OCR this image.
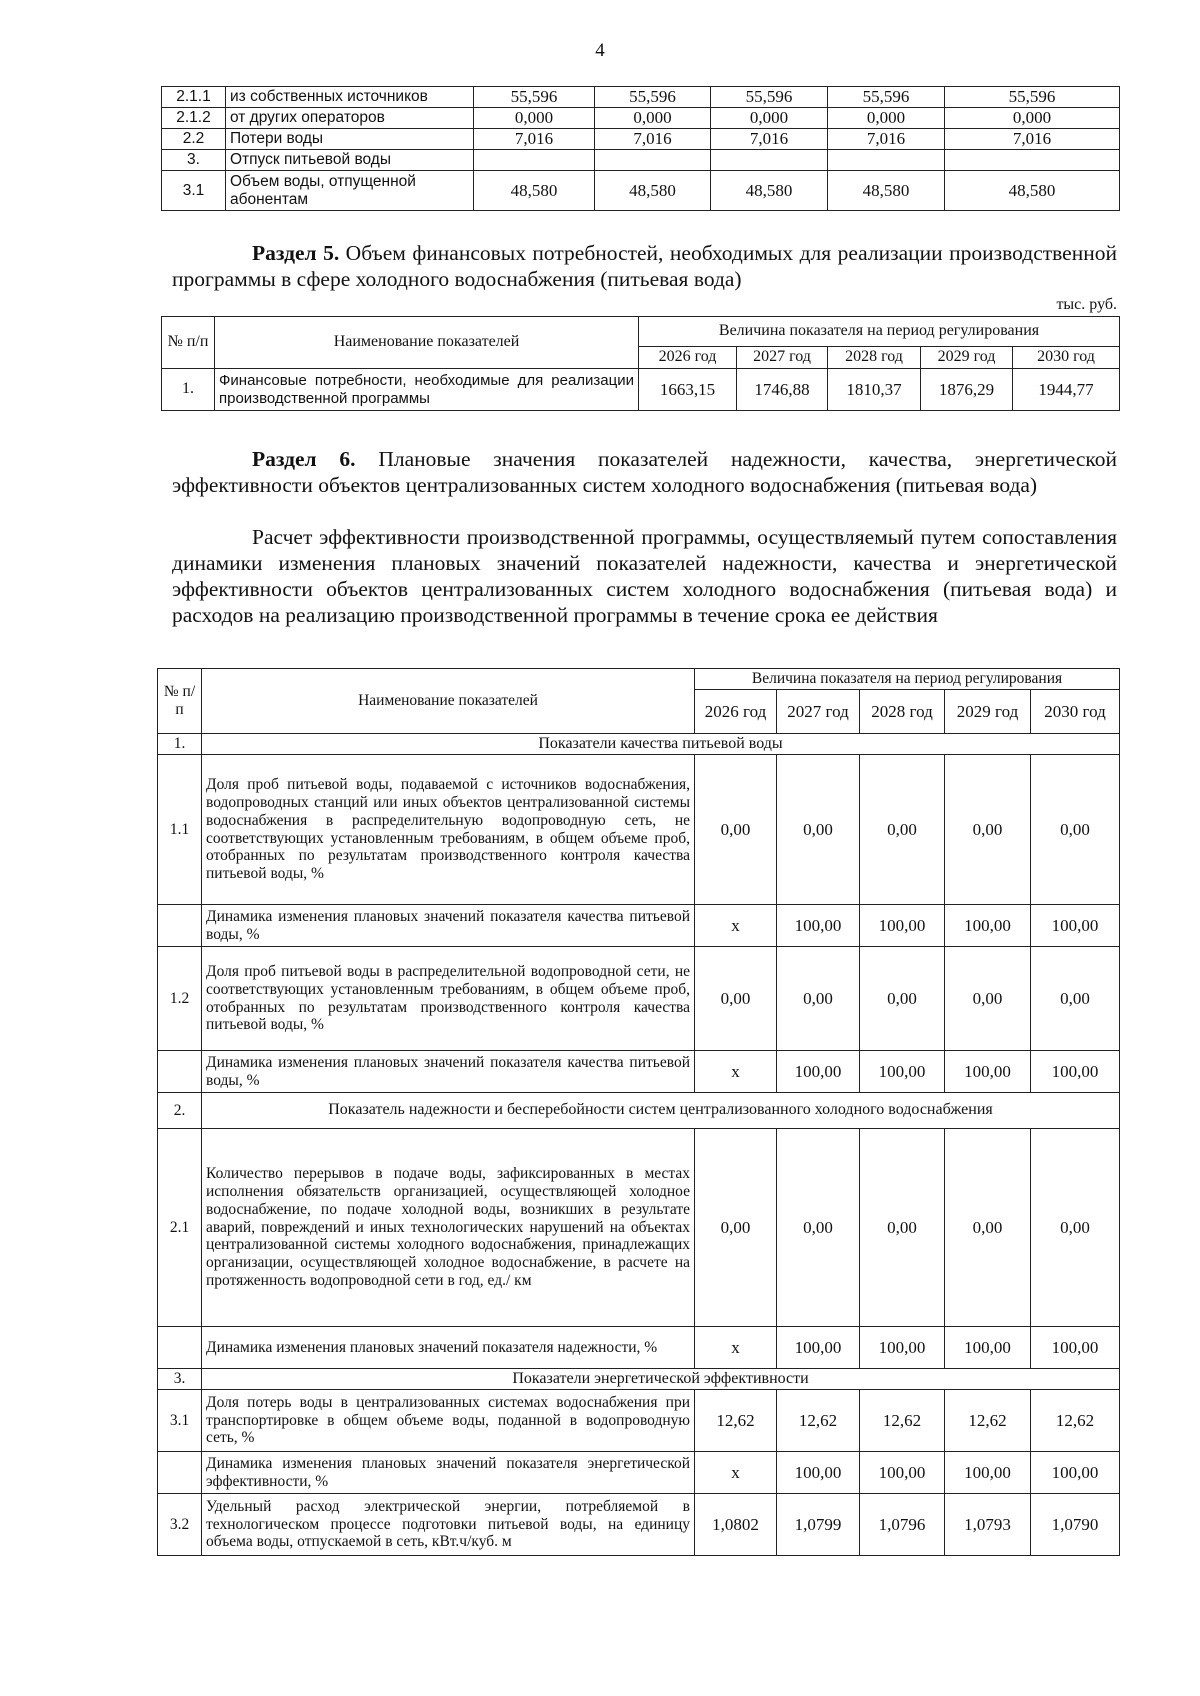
4
2.1.1	из собственных источников	55,596	55,596	55,596	55,596	55,596
2.1.2	от других операторов	0,000	0,000	0,000	0,000	0,000
2.2	Потери воды	7,016	7,016	7,016	7,016	7,016
3.	Отпуск питьевой воды					
3.1	Объем воды, отпущенной абонентам	48,580	48,580	48,580	48,580	48,580
Раздел 5. Объем финансовых потребностей, необходимых для реализации производственной программы в сфере холодного водоснабжения (питьевая вода)
тыс. руб.
№ п/п	Наименование показателей	Величина показателя на период регулирования				
		2026 год	2027 год	2028 год	2029 год	2030 год
1.	Финансовые потребности, необходимые для реализации производственной программы	1663,15	1746,88	1810,37	1876,29	1944,77
Раздел 6. Плановые значения показателей надежности, качества, энергетической эффективности объектов централизованных систем холодного водоснабжения (питьевая вода)
Расчет эффективности производственной программы, осуществляемый путем сопоставления динамики изменения плановых значений показателей надежности, качества и энергетической эффективности объектов централизованных систем холодного водоснабжения (питьевая вода) и расходов на реализацию производственной программы в течение срока ее действия
№ п/п	Наименование показателей	Величина показателя на период регулирования				
		2026 год	2027 год	2028 год	2029 год	2030 год
1.	Показатели качества питьевой воды					
1.1	Доля проб питьевой воды, подаваемой с источников водоснабжения, водопроводных станций или иных объектов централизованной системы водоснабжения в распределительную водопроводную сеть, не соответствующих установленным требованиям, в общем объеме проб, отобранных по результатам производственного контроля качества питьевой воды, %	0,00	0,00	0,00	0,00	0,00
	Динамика изменения плановых значений показателя качества питьевой воды, %	х	100,00	100,00	100,00	100,00
1.2	Доля проб питьевой воды в распределительной водопроводной сети, не соответствующих установленным требованиям, в общем объеме проб, отобранных по результатам производственного контроля качества питьевой воды, %	0,00	0,00	0,00	0,00	0,00
	Динамика изменения плановых значений показателя качества питьевой воды, %	х	100,00	100,00	100,00	100,00
2.	Показатель надежности и бесперебойности систем централизованного холодного водоснабжения					
2.1	Количество перерывов в подаче воды, зафиксированных в местах исполнения обязательств организацией, осуществляющей холодное водоснабжение, по подаче холодной воды, возникших в результате аварий, повреждений и иных технологических нарушений на объектах централизованной системы холодного водоснабжения, принадлежащих организации, осуществляющей холодное водоснабжение, в расчете на протяженность водопроводной сети в год, ед./ км	0,00	0,00	0,00	0,00	0,00
	Динамика изменения плановых значений показателя надежности, %	х	100,00	100,00	100,00	100,00
3.	Показатели энергетической эффективности					
3.1	Доля потерь воды в централизованных системах водоснабжения при транспортировке в общем объеме воды, поданной в водопроводную сеть, %	12,62	12,62	12,62	12,62	12,62
	Динамика изменения плановых значений показателя энергетической эффективности, %	х	100,00	100,00	100,00	100,00
3.2	Удельный расход электрической энергии, потребляемой в технологическом процессе подготовки питьевой воды, на единицу объема воды, отпускаемой в сеть, кВт.ч/куб. м	1,0802	1,0799	1,0796	1,0793	1,0790
